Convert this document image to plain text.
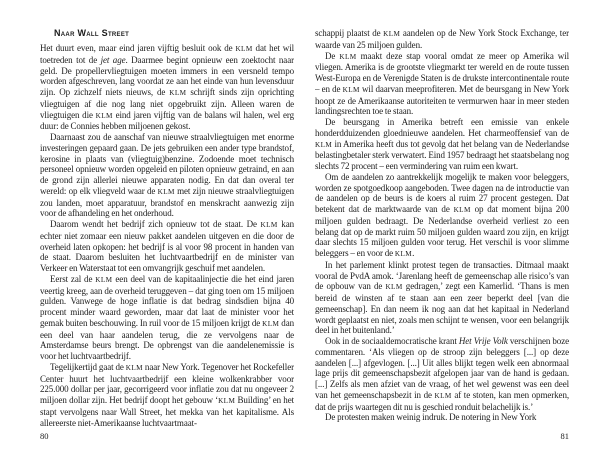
Naar Wall Street

Het duurt even, maar eind jaren vijftig besluit ook de KLM dat het wil toetreden tot de jet age. Daarmee begint opnieuw een zoektocht naar geld. De propellervliegtuigen moeten immers in een versneld tempo worden afgeschreven, lang voordat ze aan het einde van hun levensduur zijn. Op zichzelf niets nieuws, de KLM schrijft sinds zijn oprichting vliegtuigen af die nog lang niet opgebruikt zijn. Alleen waren de vliegtuigen die KLM eind jaren vijftig van de balans wil halen, wel erg duur: de Connies hebben miljoenen gekost.

Daarnaast zou de aanschaf van nieuwe straalvliegtuigen met enorme investeringen gepaard gaan. De jets gebruiken een ander type brandstof, kerosine in plaats van (vliegtuig)benzine. Zodoende moet technisch personeel opnieuw worden opgeleid en piloten opnieuw getraind, en aan de grond zijn allerlei nieuwe apparaten nodig. En dat dan overal ter wereld: op elk vliegveld waar de KLM met zijn nieuwe straalvliegtuigen zou landen, moet apparatuur, brandstof en menskracht aanwezig zijn voor de afhandeling en het onderhoud.

Daarom wendt het bedrijf zich opnieuw tot de staat. De KLM kan echter niet zomaar een nieuw pakket aandelen uitgeven en die door de overheid laten opkopen: het bedrijf is al voor 98 procent in handen van de staat. Daarom besluiten het luchtvaartbedrijf en de minister van Verkeer en Waterstaat tot een omvangrijk geschuif met aandelen.

Eerst zal de KLM een deel van de kapitaalinjectie die het eind jaren veertig kreeg, aan de overheid teruggeven – dat ging toen om 15 miljoen gulden. Vanwege de hoge inflatie is dat bedrag sindsdien bijna 40 procent minder waard geworden, maar dat laat de minister voor het gemak buiten beschouwing. In ruil voor de 15 miljoen krijgt de KLM dan een deel van haar aandelen terug, die ze vervolgens naar de Amsterdamse beurs brengt. De opbrengst van die aandelenemissie is voor het luchtvaartbedrijf.

Tegelijkertijd gaat de KLM naar New York. Tegenover het Rockefeller Center huurt het luchtvaartbedrijf een kleine wolkenkrabber voor 225.000 dollar per jaar, gecorrigeerd voor inflatie zou dat nu ongeveer 2 miljoen dollar zijn. Het bedrijf doopt het gebouw ‘KLM Building’ en het stapt vervolgens naar Wall Street, het mekka van het kapitalisme. Als allereerste niet-Amerikaanse luchtvaartmaat-

schappij plaatst de KLM aandelen op de New York Stock Exchange, ter waarde van 25 miljoen gulden.

De KLM maakt deze stap vooral omdat ze meer op Amerika wil vliegen. Amerika is de grootste vliegmarkt ter wereld en de route tussen West-Europa en de Verenigde Staten is de drukste intercontinentale route – en de KLM wil daarvan meeprofiteren. Met de beursgang in New York hoopt ze de Amerikaanse autoriteiten te vermurwen haar in meer steden landingsrechten toe te staan.

De beursgang in Amerika betreft een emissie van enkele honderdduizenden gloednieuwe aandelen. Het charmeoffensief van de KLM in Amerika heeft dus tot gevolg dat het belang van de Nederlandse belastingbetaler sterk verwatert. Eind 1957 bedraagt het staatsbelang nog slechts 72 procent – een vermindering van ruim een kwart.

Om de aandelen zo aantrekkelijk mogelijk te maken voor beleggers, worden ze spotgoedkoop aangeboden. Twee dagen na de introductie van de aandelen op de beurs is de koers al ruim 27 procent gestegen. Dat betekent dat de marktwaarde van de KLM op dat moment bijna 200 miljoen gulden bedraagt. De Nederlandse overheid verliest zo een belang dat op de markt ruim 50 miljoen gulden waard zou zijn, en krijgt daar slechts 15 miljoen gulden voor terug. Het verschil is voor slimme beleggers – en voor de KLM.

In het parlement klinkt protest tegen de transacties. Ditmaal maakt vooral de PvdA amok. ‘Jarenlang heeft de gemeenschap alle risico’s van de opbouw van de KLM gedragen,’ zegt een Kamerlid. ‘Thans is men bereid de winsten af te staan aan een zeer beperkt deel [van die gemeenschap]. En dan neem ik nog aan dat het kapitaal in Nederland wordt geplaatst en niet, zoals men schijnt te wensen, voor een belangrijk deel in het buitenland.’

Ook in de sociaaldemocratische krant Het Vrije Volk verschijnen boze commentaren. ‘Als vliegen op de stroop zijn beleggers [...] op deze aandelen [...] afgevlogen. [...] Uit alles blijkt tegen welk een abnormaal lage prijs dit gemeenschapsbezit afgelopen jaar van de hand is gedaan. [...] Zelfs als men afziet van de vraag, of het wel gewenst was een deel van het gemeenschapsbezit in de KLM af te stoten, kan men opmerken, dat de prijs waartegen dit nu is geschied ronduit belachelijk is.’

De protesten maken weinig indruk. De notering in New York

80	81
